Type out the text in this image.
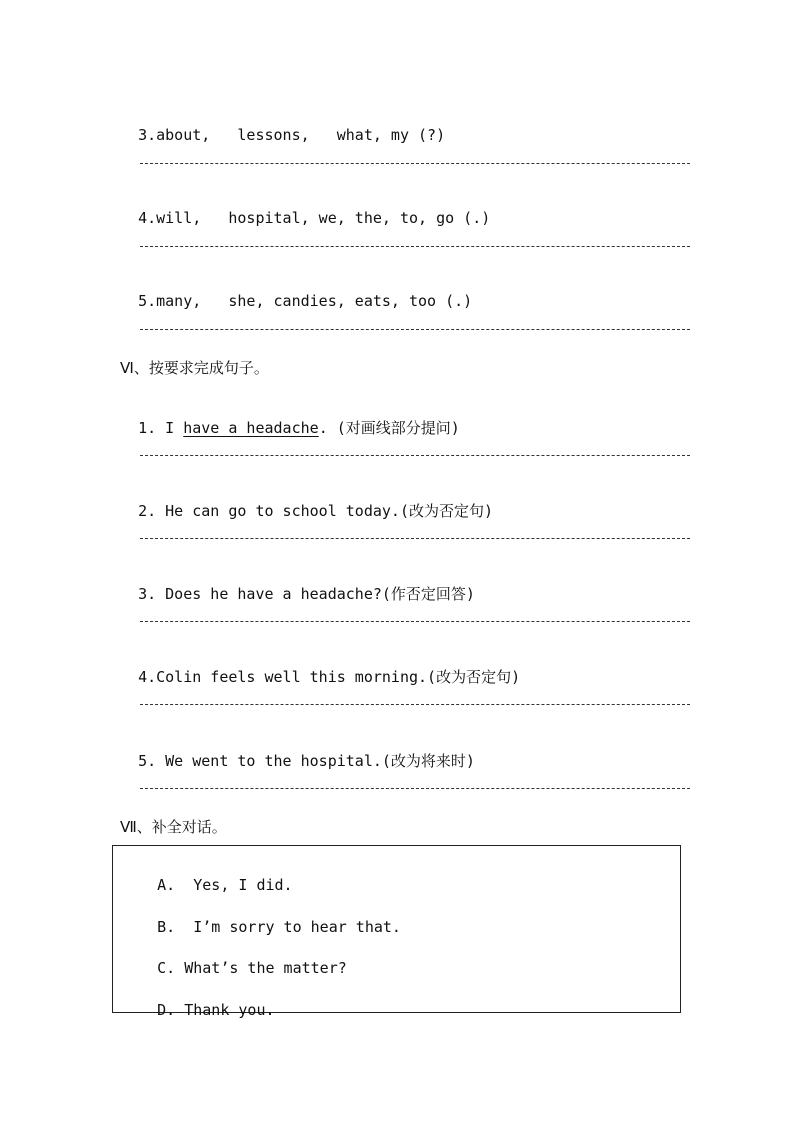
3.about,   lessons,   what, my (?)

4.will,   hospital, we, the, to, go (.)

5.many,   she, candies, eats, too (.)

Ⅵ、按要求完成句子。

1. I have a headache. (对画线部分提问)

2. He can go to school today.(改为否定句)

3. Does he have a headache?(作否定回答)

4.Colin feels well this morning.(改为否定句)

5. We went to the hospital.(改为将来时)

Ⅶ、补全对话。

A.  Yes, I did.

B.  I’m sorry to hear that.

C. What’s the matter?

D. Thank you.
